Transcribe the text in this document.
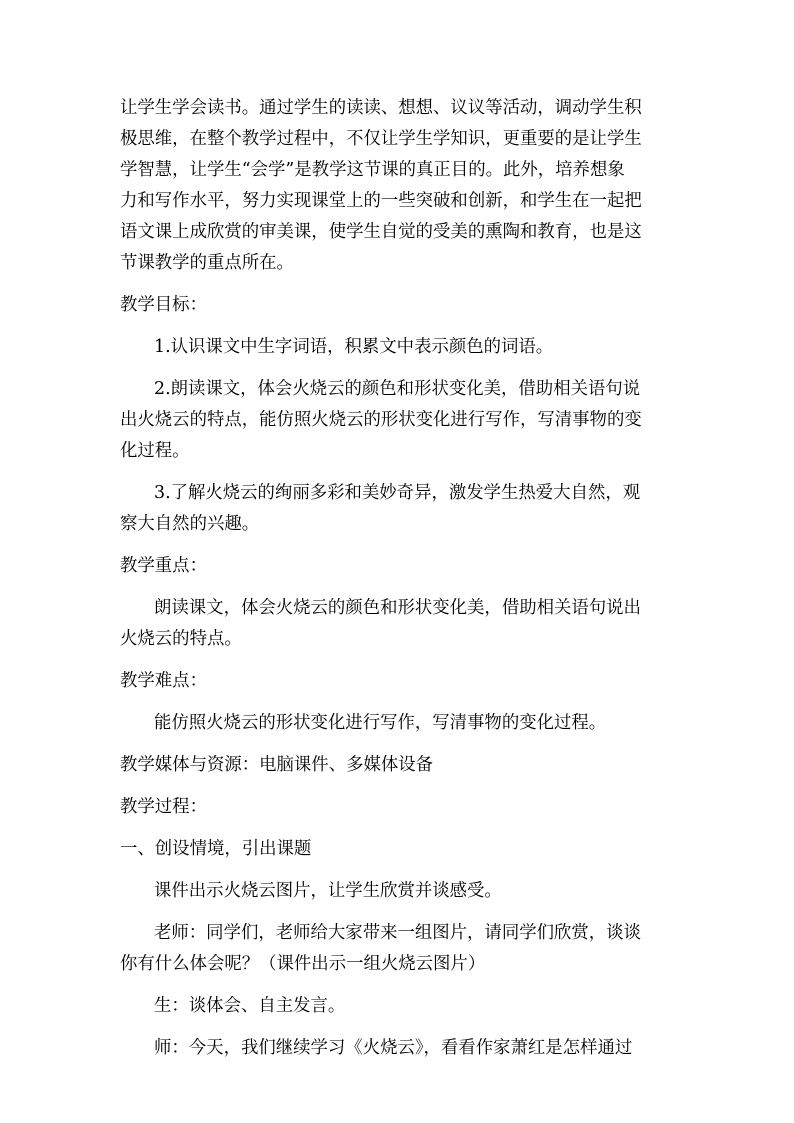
让学生学会读书。通过学生的读读、想想、议议等活动，调动学生积
极思维，在整个教学过程中，不仅让学生学知识，更重要的是让学生
学智慧，让学生“会学”是教学这节课的真正目的。此外，培养想象
力和写作水平，努力实现课堂上的一些突破和创新，和学生在一起把
语文课上成欣赏的审美课，使学生自觉的受美的熏陶和教育，也是这
节课教学的重点所在。
教学目标：
1.认识课文中生字词语，积累文中表示颜色的词语。
2.朗读课文，体会火烧云的颜色和形状变化美，借助相关语句说
出火烧云的特点，能仿照火烧云的形状变化进行写作，写清事物的变
化过程。
3.了解火烧云的绚丽多彩和美妙奇异，激发学生热爱大自然，观
察大自然的兴趣。
教学重点：
朗读课文，体会火烧云的颜色和形状变化美，借助相关语句说出
火烧云的特点。
教学难点：
能仿照火烧云的形状变化进行写作，写清事物的变化过程。
教学媒体与资源：电脑课件、多媒体设备
教学过程：
一、创设情境，引出课题
课件出示火烧云图片，让学生欣赏并谈感受。
老师：同学们，老师给大家带来一组图片，请同学们欣赏，谈谈
你有什么体会呢？（课件出示一组火烧云图片）
生：谈体会、自主发言。
师：今天，我们继续学习《火烧云》，看看作家萧红是怎样通过
